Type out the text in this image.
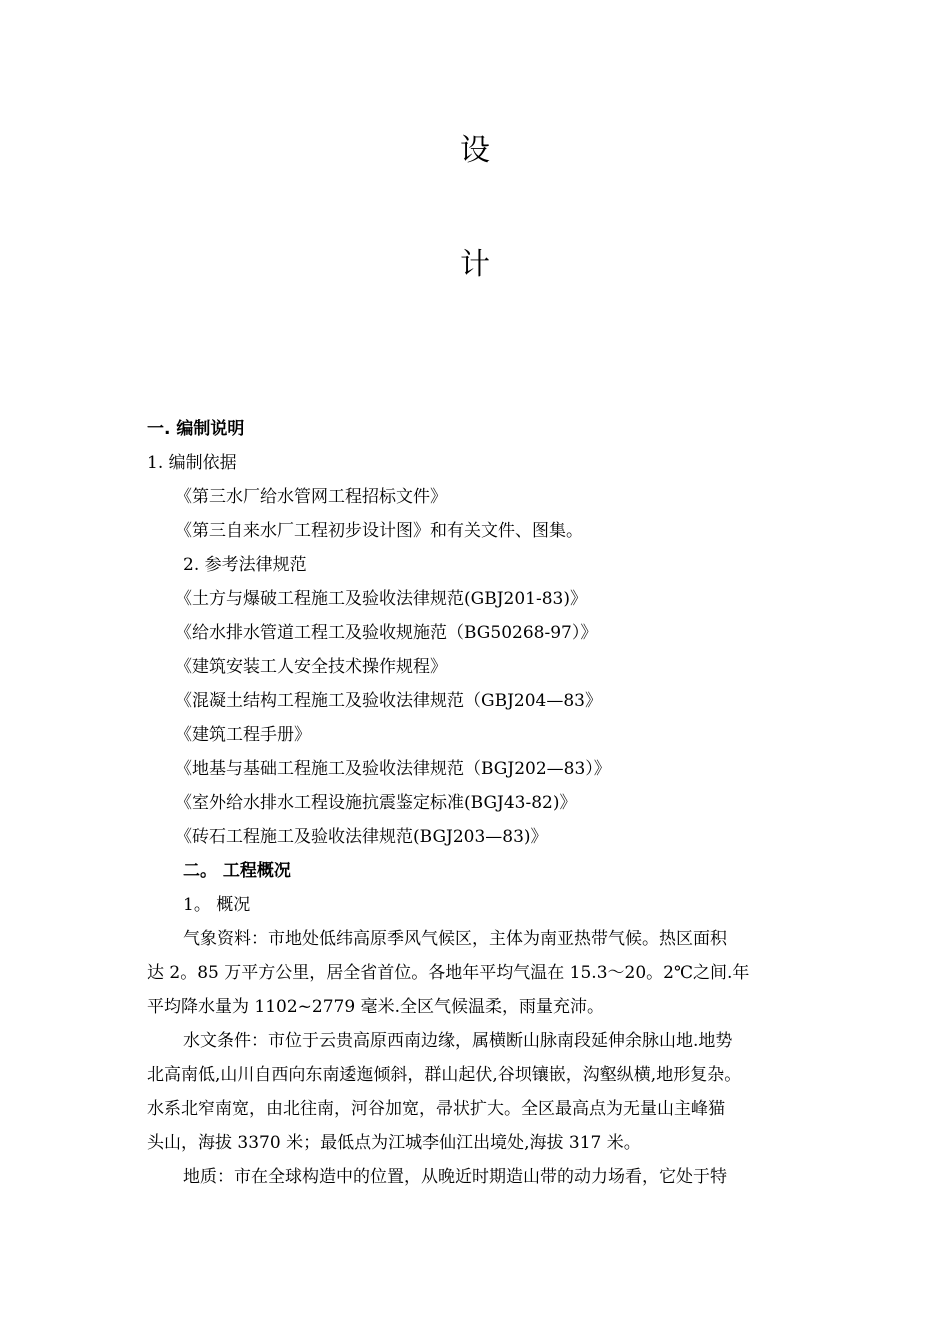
设
计
一. 编制说明
1. 编制依据
《第三水厂给水管网工程招标文件》
《第三自来水厂工程初步设计图》和有关文件、图集。
2. 参考法律规范
《土方与爆破工程施工及验收法律规范(GBJ201-83)》
《给水排水管道工程工及验收规施范（BG50268-97）》
《建筑安装工人安全技术操作规程》
《混凝土结构工程施工及验收法律规范（GBJ204—83》
《建筑工程手册》
《地基与基础工程施工及验收法律规范（BGJ202—83）》
《室外给水排水工程设施抗震鉴定标准(BGJ43-82)》
《砖石工程施工及验收法律规范(BGJ203—83)》
二。 工程概况
1。 概况
气象资料：市地处低纬高原季风气候区，主体为南亚热带气候。热区面积
达 2。85 万平方公里，居全省首位。各地年平均气温在 15.3～20。2℃之间.年
平均降水量为 1102~2779 毫米.全区气候温柔，雨量充沛。
水文条件：市位于云贵高原西南边缘，属横断山脉南段延伸余脉山地.地势
北高南低,山川自西向东南逶迤倾斜，群山起伏,谷坝镶嵌，沟壑纵横,地形复杂。
水系北窄南宽，由北往南，河谷加宽，帚状扩大。全区最高点为无量山主峰猫
头山，海拔 3370 米；最低点为江城李仙江出境处,海拔 317 米。
地质：市在全球构造中的位置，从晚近时期造山带的动力场看，它处于特
